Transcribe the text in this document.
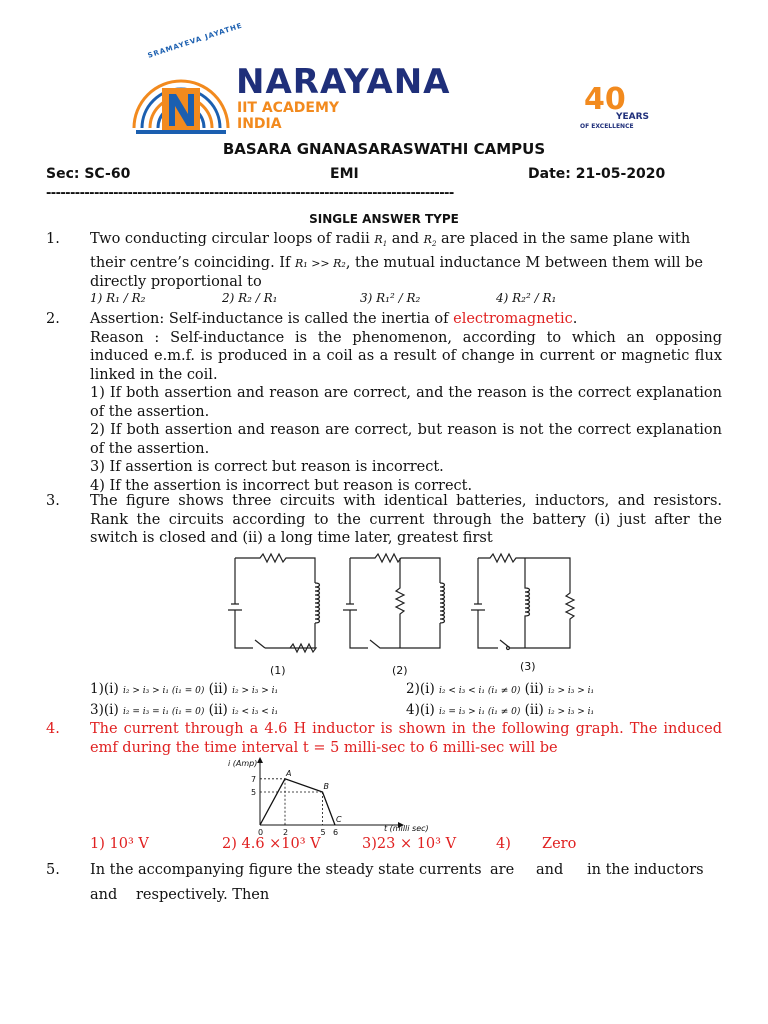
SRAMAYEVA JAYATHE
NARAYANA
IIT ACADEMY
INDIA
40
YEARS
OF EXCELLENCE
BASARA GNANASARASWATHI CAMPUS
Sec: SC-60	EMI	Date: 21-05-2020
-------------------------------------------------------------------------------------
SINGLE ANSWER TYPE
1. Two conducting circular loops of radii $R_1$ and $R_2$ are placed in the same plane with
their centre’s coinciding. If R₁ >> R₂, the mutual inductance M between them will be
directly proportional to
1) R₁ / R₂	2) R₂ / R₁	3) R₁² / R₂	4) R₂² / R₁
2. Assertion: Self-inductance is called the inertia of electromagnetic.
Reason : Self-inductance is the phenomenon, according to which an opposing induced e.m.f. is produced in a coil as a result of change in current or magnetic flux linked in the coil.
1) If both assertion and reason are correct, and the reason is the correct explanation of the assertion.
2) If both assertion and reason are correct, but reason is not the correct explanation of the assertion.
3) If assertion is correct but reason is incorrect.
4) If the assertion is incorrect but reason is correct.
3. The figure shows three circuits with identical batteries, inductors, and resistors. Rank the circuits according to the current through the battery (i) just after the switch is closed and (ii) a long time later, greatest first
(1)	(2)	(3)
1)(i) i₂ > i₃ > i₁ (i₁ = 0) (ii) i₂ > i₃ > i₁	2)(i) i₂ < i₃ < i₁ (i₁ ≠ 0) (ii) i₂ > i₃ > i₁
3)(i) i₂ = i₃ = i₁ (i₁ = 0) (ii) i₂ < i₃ < i₁	4)(i) i₂ = i₃ > i₁ (i₁ ≠ 0) (ii) i₂ > i₃ > i₁
4. The current through a 4.6 H inductor is shown in the following graph. The induced emf during the time interval t = 5 milli-sec to 6 milli-sec will be
i (Amp)
t (milli sec)
A
B
C
0 2	5 6
7
5
1) 10³ V	2) 4.6 ×10³ V	3)23 × 10³ V	4) Zero
5. In the accompanying figure the steady state currents are and in the inductors
and respectively. Then
